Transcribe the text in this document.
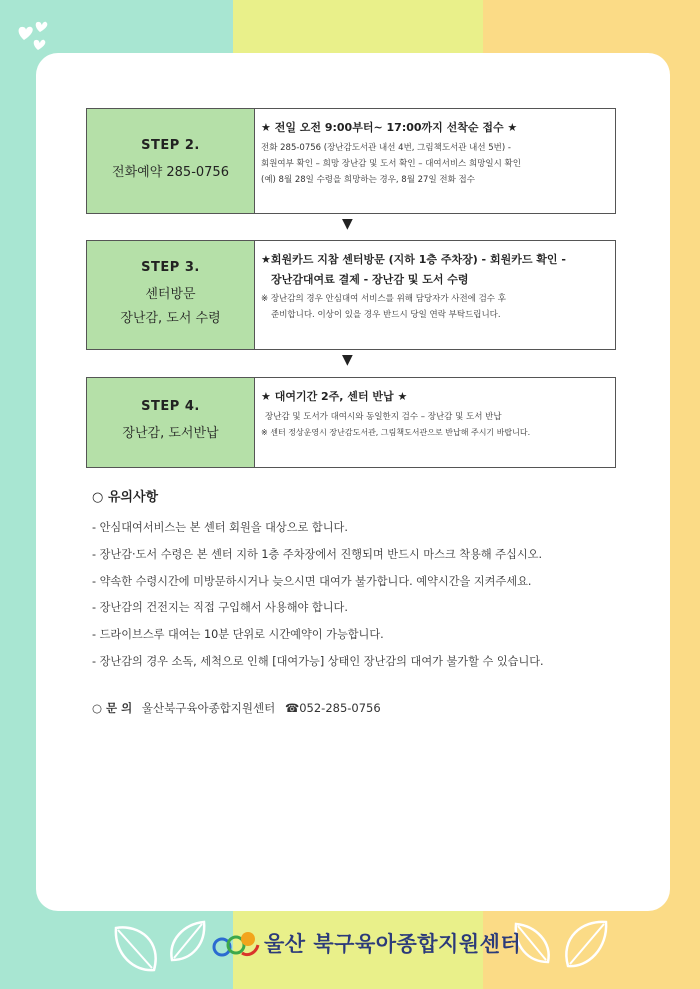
STEP 2.
전화예약 285-0756
★ 전일 오전 9:00부터~ 17:00까지 선착순 접수 ★
전화 285-0756 (장난감도서관 내선 4번, 그림책도서관 내선 5번) -
회원여부 확인 – 희망 장난감 및 도서 확인 – 대여서비스 희망일시 확인
(예) 8월 28일 수령을 희망하는 경우, 8월 27일 전화 접수
▼
STEP 3.
센터방문
장난감, 도서 수령
★회원카드 지참 센터방문 (지하 1층 주차장) - 회원카드 확인 -
장난감대여료 결제 - 장난감 및 도서 수령
※ 장난감의 경우 안심대여 서비스를 위해 담당자가 사전에 검수 후
준비합니다. 이상이 있을 경우 반드시 당일 연락 부탁드립니다.
▼
STEP 4.
장난감, 도서반납
★ 대여기간 2주, 센터 반납 ★
장난감 및 도서가 대여시와 동일한지 검수 – 장난감 및 도서 반납
※ 센터 정상운영시 장난감도서관, 그림책도서관으로 반납해 주시기 바랍니다.
○ 유의사항
- 안심대여서비스는 본 센터 회원을 대상으로 합니다.
- 장난감·도서 수령은 본 센터 지하 1층 주차장에서 진행되며 반드시 마스크 착용해 주십시오.
- 약속한 수령시간에 미방문하시거나 늦으시면 대여가 불가합니다. 예약시간을 지켜주세요.
- 장난감의 건전지는 직접 구입해서 사용해야 합니다.
- 드라이브스루 대여는 10분 단위로 시간예약이 가능합니다.
- 장난감의 경우 소독, 세척으로 인해 [대여가능] 상태인 장난감의 대여가 불가할 수 있습니다.
○ 문 의 울산북구육아종합지원센터 ☎052-285-0756
울산 북구육아종합지원센터
